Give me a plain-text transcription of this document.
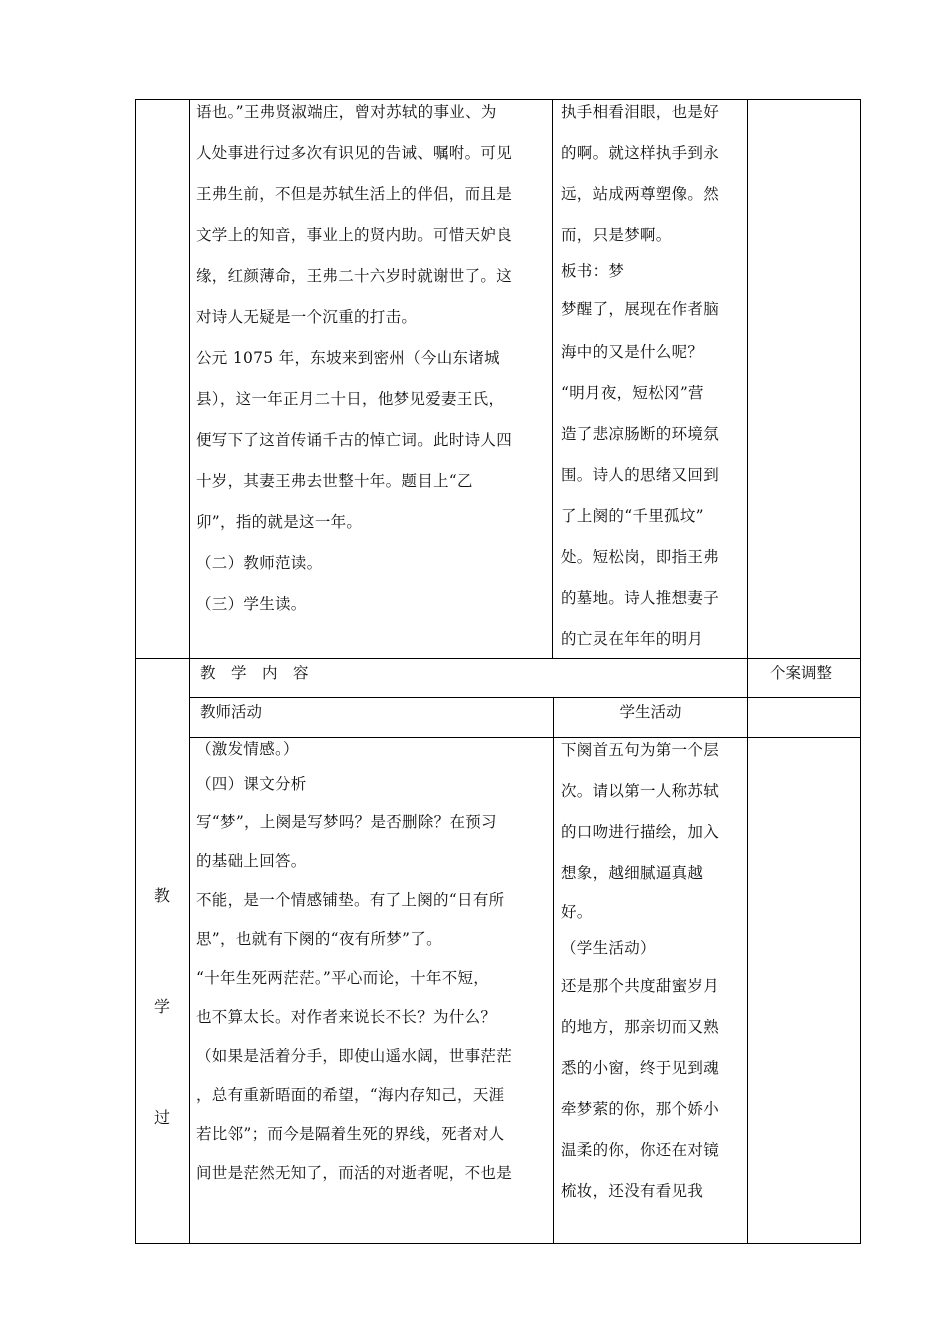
语也。”王弗贤淑端庄，曾对苏轼的事业、为

人处事进行过多次有识见的告诫、嘱咐。可见

王弗生前，不但是苏轼生活上的伴侣，而且是

文学上的知音，事业上的贤内助。可惜天妒良

缘，红颜薄命，王弗二十六岁时就谢世了。这

对诗人无疑是一个沉重的打击。

公元 1075 年，东坡来到密州（今山东诸城

县），这一年正月二十日，他梦见爱妻王氏，

便写下了这首传诵千古的悼亡词。此时诗人四

十岁，其妻王弗去世整十年。题目上“乙

卯”，指的就是这一年。

（二）教师范读。

（三）学生读。

执手相看泪眼，也是好

的啊。就这样执手到永

远，站成两尊塑像。然

而，只是梦啊。

板书：梦

梦醒了，展现在作者脑

海中的又是什么呢？

“明月夜，短松冈”营

造了悲凉肠断的环境氛

围。诗人的思绪又回到

了上阕的“千里孤坟”

处。短松岗，即指王弗

的墓地。诗人推想妻子

的亡灵在年年的明月

教
学
过
教　学　内　容	个案调整
教师活动	学生活动

（激发情感。）

（四）课文分析

写“梦”，上阕是写梦吗？是否删除？在预习

的基础上回答。

不能，是一个情感铺垫。有了上阕的“日有所

思”，也就有下阕的“夜有所梦”了。

“十年生死两茫茫。”平心而论，十年不短，

也不算太长。对作者来说长不长？为什么？

（如果是活着分手，即使山遥水阔，世事茫茫

，总有重新晤面的希望，“海内存知己，天涯

若比邻”；而今是隔着生死的界线，死者对人

间世是茫然无知了，而活的对逝者呢，不也是

下阕首五句为第一个层

次。请以第一人称苏轼

的口吻进行描绘，加入

想象，越细腻逼真越

好。

（学生活动）

还是那个共度甜蜜岁月

的地方，那亲切而又熟

悉的小窗，终于见到魂

牵梦萦的你，那个娇小

温柔的你，你还在对镜

梳妆，还没有看见我
